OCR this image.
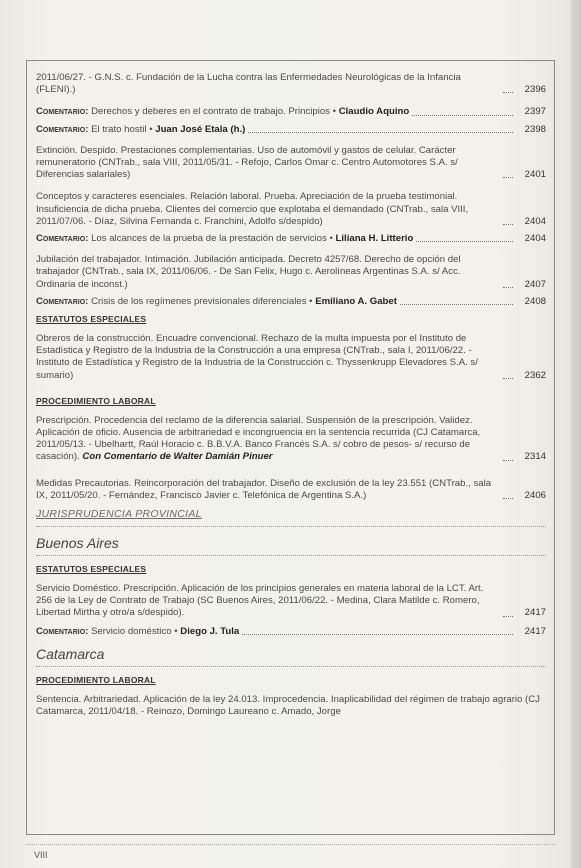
2011/06/27. - G.N.S. c. Fundación de la Lucha contra las Enfermedades Neurológicas de la Infancia (FLENI).)	2396
Comentario: Derechos y deberes en el contrato de trabajo. Principios • Claudio Aquino	2397
Comentario: El trato hostil • Juan José Etala (h.)	2398
Extinción. Despido. Prestaciones complementarias. Uso de automóvil y gastos de celular. Carácter remuneratorio (CNTrab., sala VIII, 2011/05/31. - Refojo, Carlos Omar c. Centro Automotores S.A. s/ Diferencias salariales)	2401
Conceptos y caracteres esenciales. Relación laboral. Prueba. Apreciación de la prueba testimonial. Insuficiencia de dicha prueba. Clientes del comercio que explotaba el demandado (CNTrab., sala VIII, 2011/07/06. - Díaz, Silvina Fernanda c. Franchini, Adolfo s/despido)	2404
Comentario: Los alcances de la prueba de la prestación de servicios • Liliana H. Litterio	2404
Jubilación del trabajador. Intimación. Jubilación anticipada. Decreto 4257/68. Derecho de opción del trabajador (CNTrab., sala IX, 2011/06/06. - De San Felix, Hugo c. Aerolíneas Argentinas S.A. s/ Acc. Ordinaria de inconst.)	2407
Comentario: Crisis de los regímenes previsionales diferenciales • Emiliano A. Gabet	2408
ESTATUTOS ESPECIALES
Obreros de la construcción. Encuadre convencional. Rechazo de la multa impuesta por el Instituto de Estadística y Registro de la Industria de la Construcción a una empresa (CNTrab., sala I, 2011/06/22. - Instituto de Estadística y Registro de la Industria de la Construcción c. Thyssenkrupp Elevadores S.A. s/ sumario)	2362
PROCEDIMIENTO LABORAL
Prescripción. Procedencia del reclamo de la diferencia salarial. Suspensión de la prescripción. Validez. Aplicación de oficio. Ausencia de arbitrariedad e incongruencia en la sentencia recurrida (CJ Catamarca, 2011/05/13. - Ubelhartt, Raúl Horacio c. B.B.V.A. Banco Francés S.A. s/ cobro de pesos- s/ recurso de casación). Con Comentario de Walter Damián Pinuer	2314
Medidas Precautorias. Reincorporación del trabajador. Diseño de exclusión de la ley 23.551 (CNTrab., sala IX, 2011/05/20. - Fernández, Francisco Javier c. Telefónica de Argentina S.A.)	2406
JURISPRUDENCIA PROVINCIAL
Buenos Aires
ESTATUTOS ESPECIALES
Servicio Doméstico. Prescripción. Aplicación de los principios generales en materia laboral de la LCT. Art. 256 de la Ley de Contrato de Trabajo (SC Buenos Aires, 2011/06/22. - Medina, Clara Matilde c. Romero, Libertad Mirtha y otro/a s/despido).	2417
Comentario: Servicio doméstico • Diego J. Tula	2417
Catamarca
PROCEDIMIENTO LABORAL
Sentencia. Arbitrariedad. Aplicación de la ley 24.013. Improcedencia. Inaplicabilidad del régimen de trabajo agrario (CJ Catamarca, 2011/04/18. - Reinozo, Domingo Laureano c. Amado, Jorge
VIII
